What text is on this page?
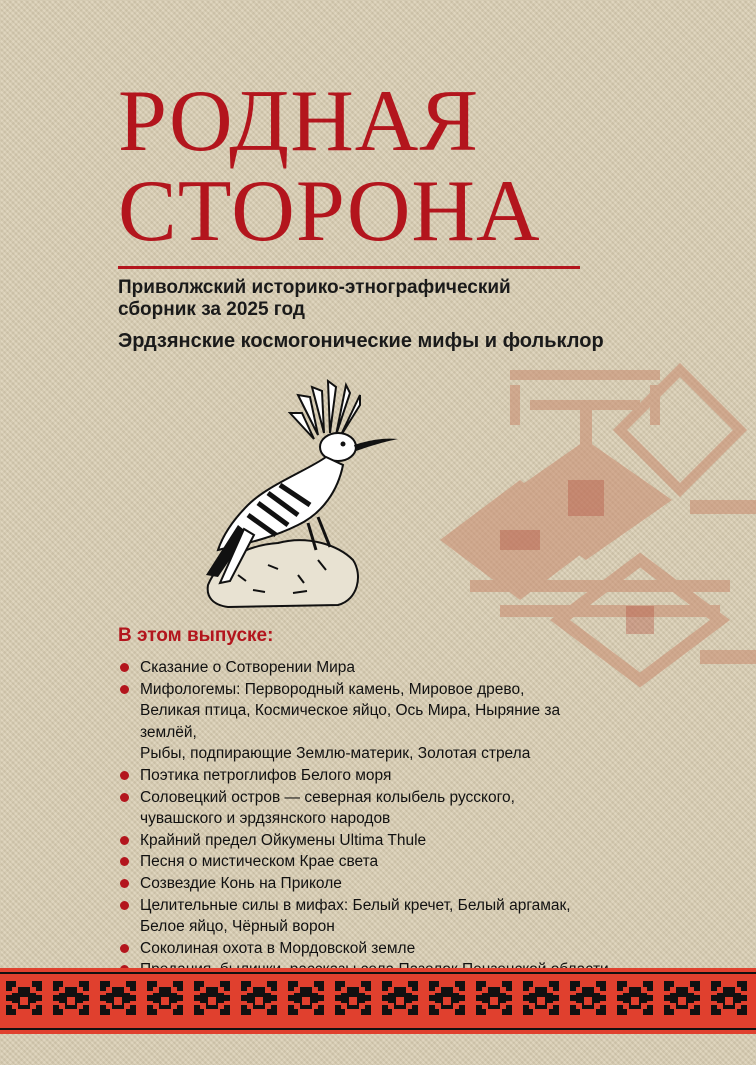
РОДНАЯ
СТОРОНА
Приволжский историко-этнографический
сборник за 2025 год
Эрдзянские космогонические мифы и фольклор
В этом выпуске:
Сказание о Сотворении Мира
Мифологемы: Первородный камень, Мировое древо,
Великая птица, Космическое яйцо, Ось Мира, Ныряние за землёй,
Рыбы, подпирающие Землю-материк, Золотая стрела
Поэтика петроглифов Белого моря
Соловецкий остров — северная колыбель русского,
чувашского и эрдзянского народов
Крайний предел Ойкумены Ultima Thule
Песня о мистическом Крае света
Созвездие Конь на Приколе
Целительные силы в мифах: Белый кречет, Белый аргамак,
Белое яйцо, Чёрный ворон
Соколиная охота в Мордовской земле
